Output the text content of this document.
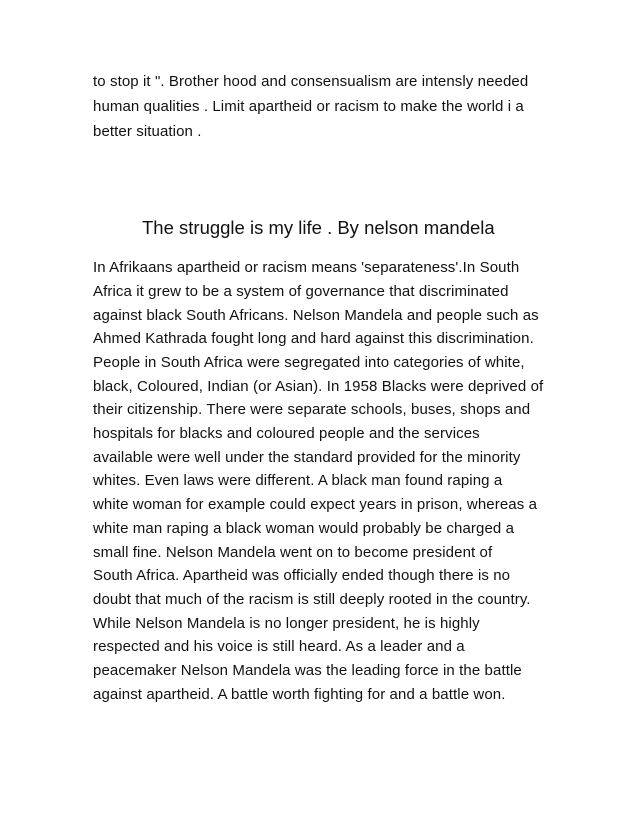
to stop it ". Brother hood and consensualism are intensly needed
human qualities . Limit apartheid or racism to make the world i a
better situation .
The struggle is my life . By nelson mandela
In Afrikaans apartheid or racism means 'separateness'.In South
Africa it grew to be a system of governance that discriminated
against black South Africans. Nelson Mandela and people such as
Ahmed Kathrada fought long and hard against this discrimination.
People in South Africa were segregated into categories of white,
black, Coloured, Indian (or Asian). In 1958 Blacks were deprived of
their citizenship. There were separate schools, buses, shops and
hospitals for blacks and coloured people and the services
available were well under the standard provided for the minority
whites. Even laws were different. A black man found raping a
white woman for example could expect years in prison, whereas a
white man raping a black woman would probably be charged a
small fine. Nelson Mandela went on to become president of
South Africa. Apartheid was officially ended though there is no
doubt that much of the racism is still deeply rooted in the country.
While Nelson Mandela is no longer president, he is highly
respected and his voice is still heard. As a leader and a
peacemaker Nelson Mandela was the leading force in the battle
against apartheid. A battle worth fighting for and a battle won.
